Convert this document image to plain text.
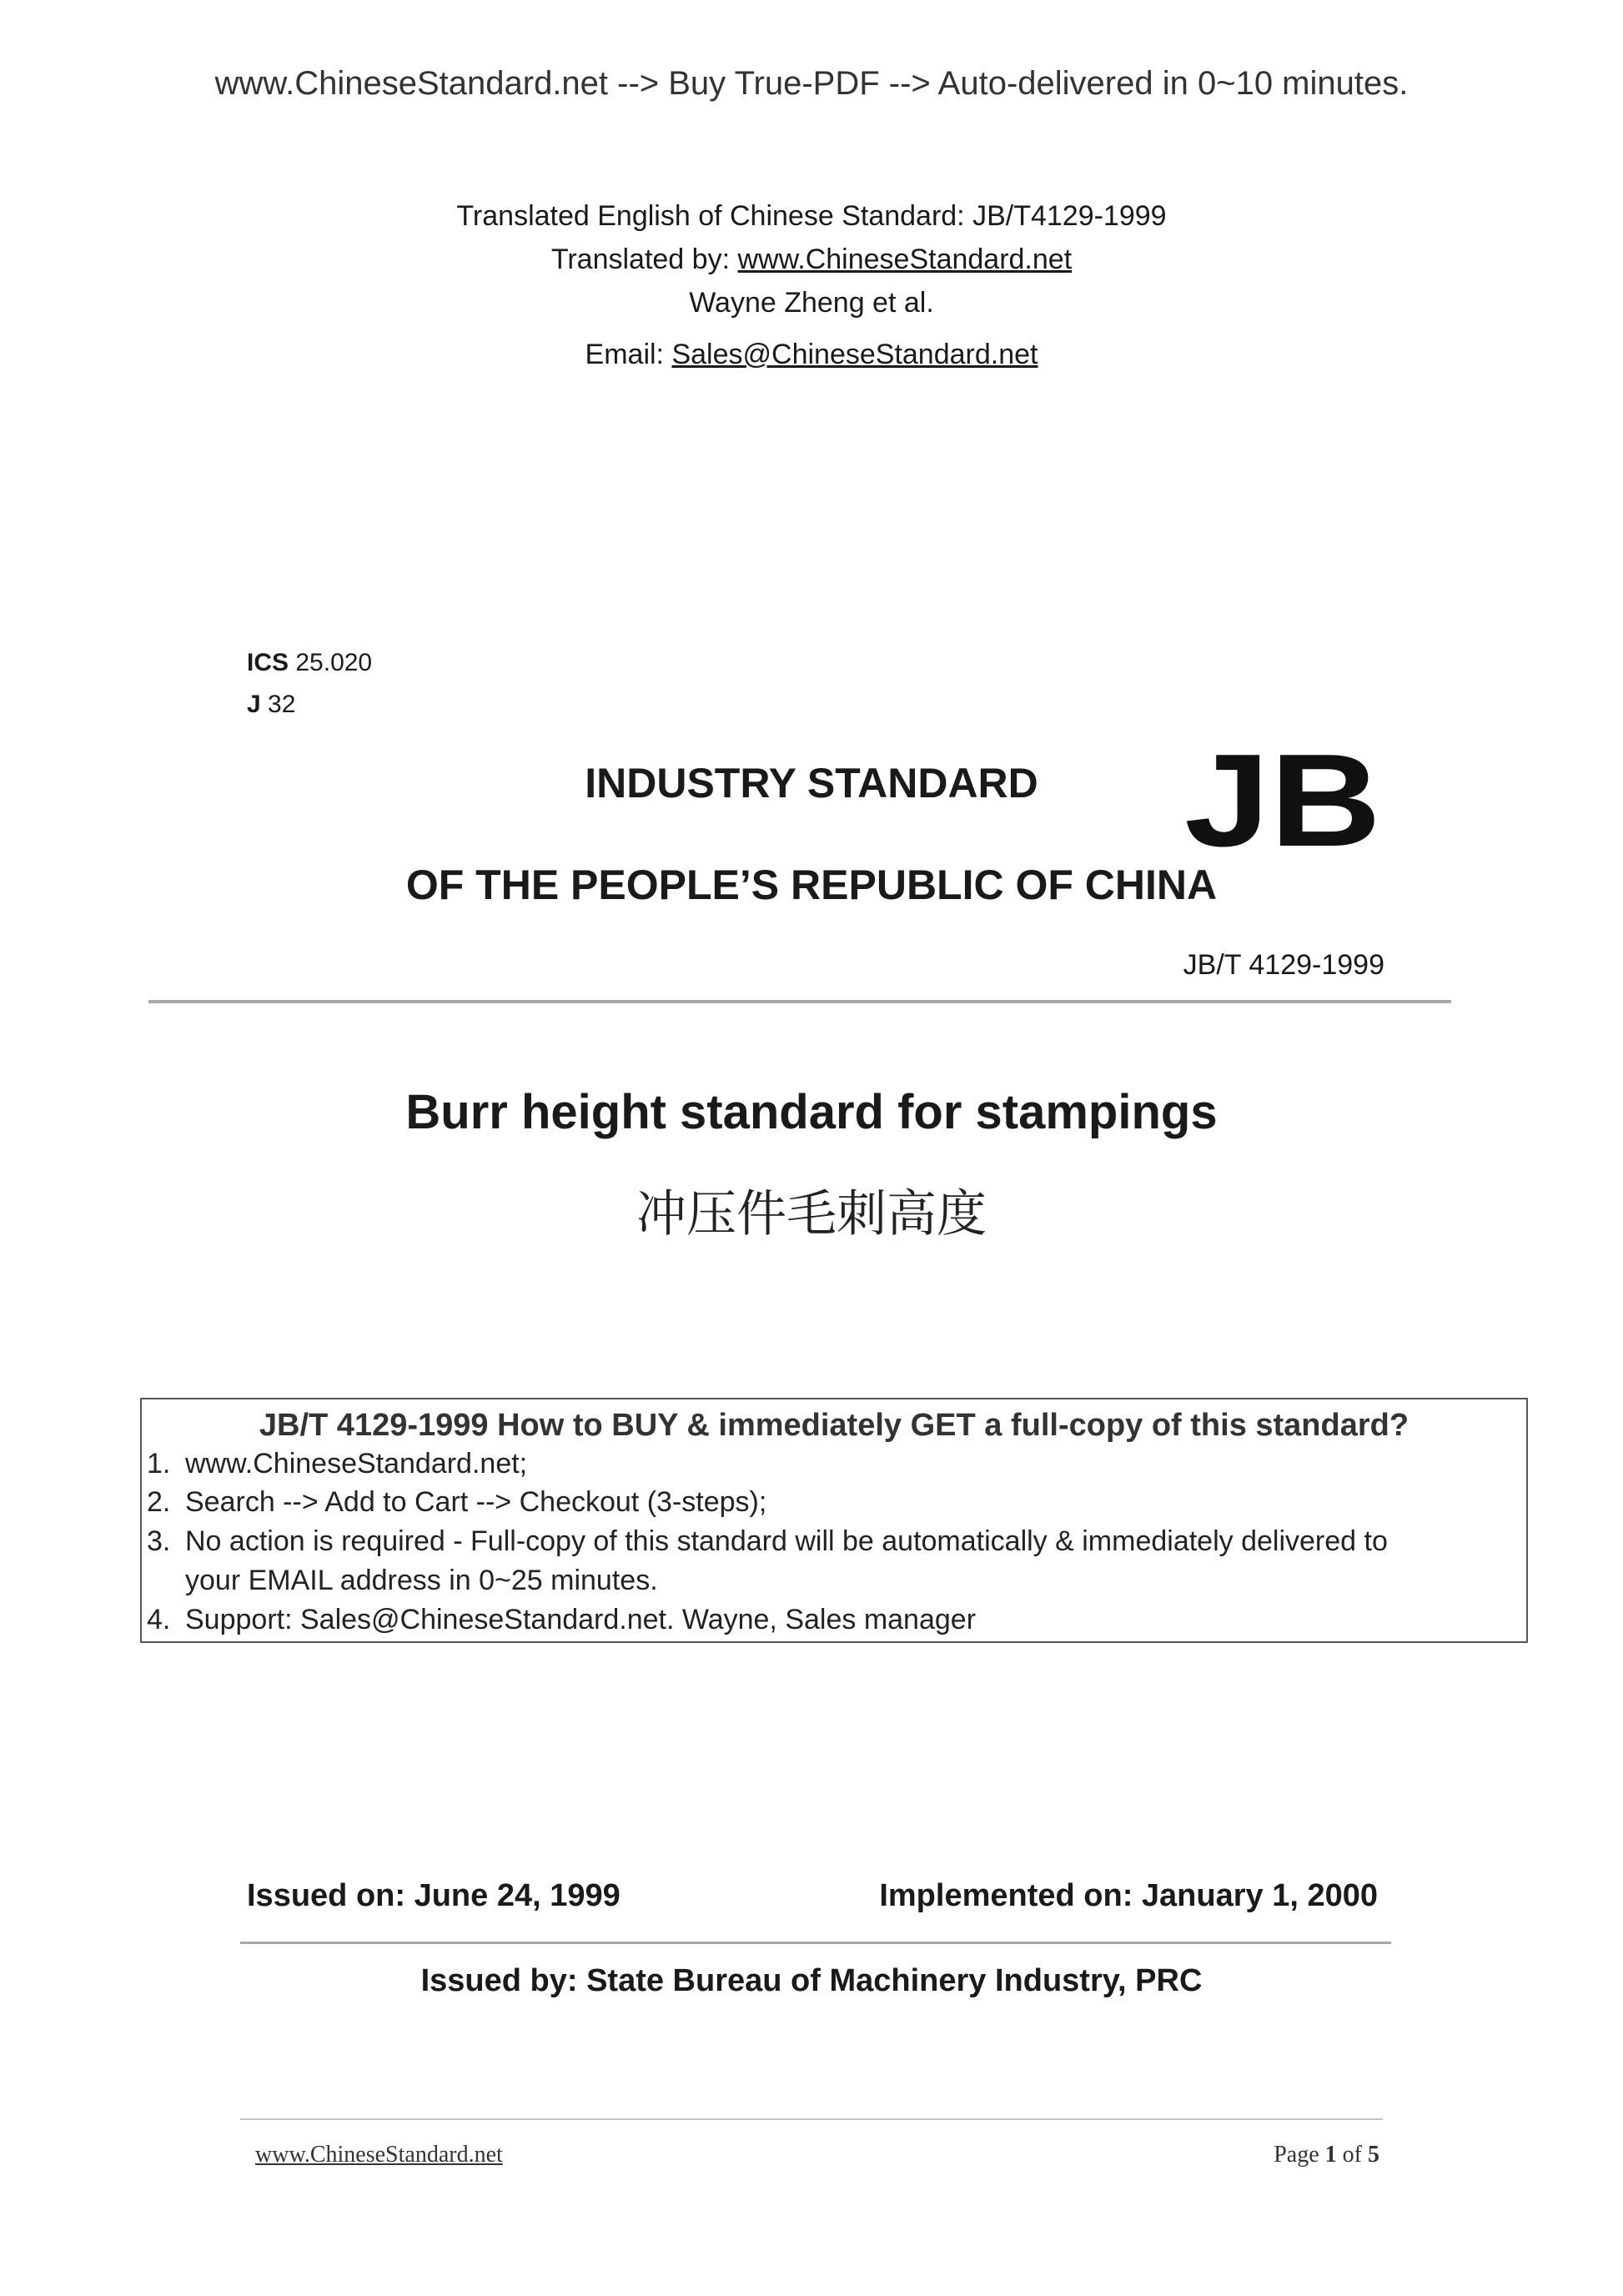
www.ChineseStandard.net --> Buy True-PDF --> Auto-delivered in 0~10 minutes.
Translated English of Chinese Standard: JB/T4129-1999
Translated by: www.ChineseStandard.net
Wayne Zheng et al.
Email: Sales@ChineseStandard.net
ICS 25.020
J 32
INDUSTRY STANDARD
OF THE PEOPLE’S REPUBLIC OF CHINA
JB
JB/T 4129-1999
Burr height standard for stampings
冲压件毛刺高度
JB/T 4129-1999 How to BUY & immediately GET a full-copy of this standard?
1. www.ChineseStandard.net;
2. Search --> Add to Cart --> Checkout (3-steps);
3. No action is required - Full-copy of this standard will be automatically & immediately delivered to
your EMAIL address in 0~25 minutes.
4. Support: Sales@ChineseStandard.net. Wayne, Sales manager
Issued on: June 24, 1999	Implemented on: January 1, 2000
Issued by: State Bureau of Machinery Industry, PRC
www.ChineseStandard.net	Page 1 of 5
